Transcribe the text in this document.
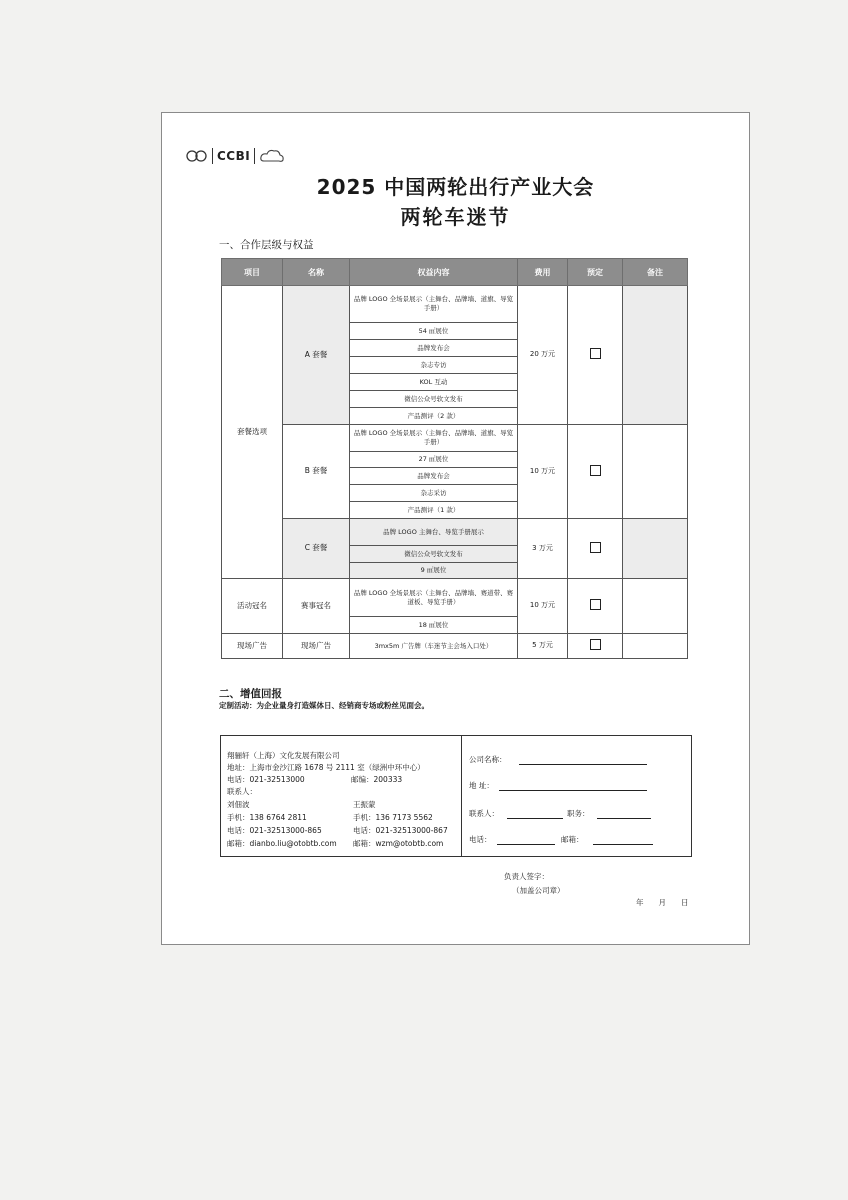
CCBI
2025 中国两轮出行产业大会
两轮车迷节
一、合作层级与权益
项目	名称	权益内容	费用	预定	备注
套餐选项	A 套餐	品牌 LOGO 全场景展示（主舞台、品牌墙、道旗、导览手册）	20 万元		
		54 ㎡展位			
		品牌发布会			
		杂志专访			
		KOL 互动			
		微信公众号软文发布			
		产品测评（2 款）			
	B 套餐	品牌 LOGO 全场景展示（主舞台、品牌墙、道旗、导览手册）	10 万元		
		27 ㎡展位			
		品牌发布会			
		杂志采访			
		产品测评（1 款）			
	C 套餐	品牌 LOGO 主舞台、导览手册展示	3 万元		
		微信公众号软文发布			
		9 ㎡展位			
活动冠名	赛事冠名	品牌 LOGO 全场景展示（主舞台、品牌墙、赛道带、赛道板、导览手册）	10 万元		
		18 ㎡展位			
现场广告	现场广告	3mx5m 广告牌（车迷节主会场入口处）	5 万元		
二、增值回报
定制活动：为企业量身打造媒体日、经销商专场或粉丝见面会。
翔骊轩（上海）文化发展有限公司
地址：上海市金沙江路 1678 号 2111 室（绿洲中环中心）
电话：021-32513000	邮编：200333
联系人：
刘佃波
手机：138 6764 2811
电话：021-32513000-865
邮箱：dianbo.liu@otobtb.com
王振蒙
手机：136 7173 5562
电话：021-32513000-867
邮箱：wzm@otobtb.com
公司名称：
地 址：
联系人：	职务：
电话：	邮箱：
负责人签字：
（加盖公司章）
年　　月　　日
